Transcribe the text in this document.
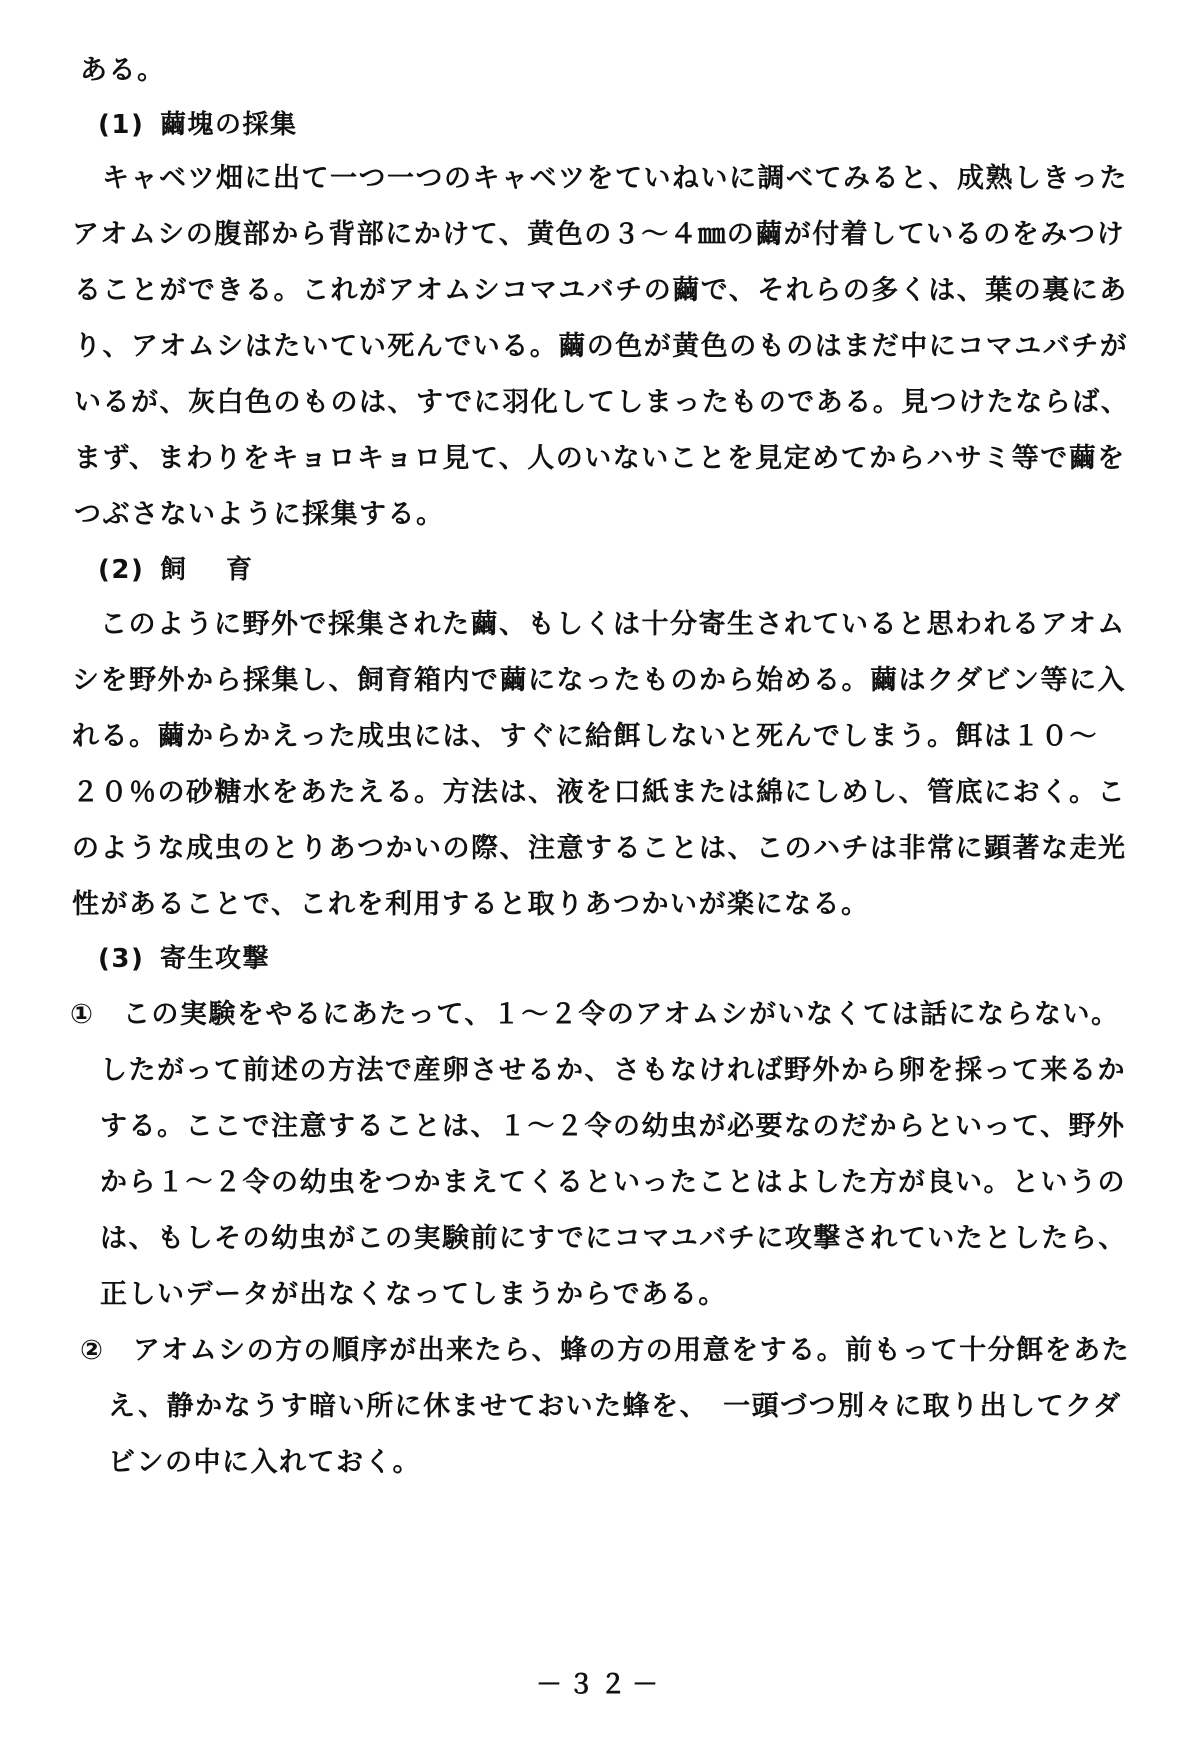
ある。
(1) 繭塊の採集
キャベツ畑に出て一つ一つのキャベツをていねいに調べてみると、成熟しきった
アオムシの腹部から背部にかけて、黄色の３～４㎜の繭が付着しているのをみつけ
ることができる。これがアオムシコマユバチの繭で、それらの多くは、葉の裏にあ
り、アオムシはたいてい死んでいる。繭の色が黄色のものはまだ中にコマユバチが
いるが、灰白色のものは、すでに羽化してしまったものである。見つけたならば、
まず、まわりをキョロキョロ見て、人のいないことを見定めてからハサミ等で繭を
つぶさないように採集する。
(2) 飼育
このように野外で採集された繭、もしくは十分寄生されていると思われるアオム
シを野外から採集し、飼育箱内で繭になったものから始める。繭はクダビン等に入
れる。繭からかえった成虫には、すぐに給餌しないと死んでしまう。餌は１０～
２０％の砂糖水をあたえる。方法は、液を口紙または綿にしめし、管底におく。こ
のような成虫のとりあつかいの際、注意することは、このハチは非常に顕著な走光
性があることで、これを利用すると取りあつかいが楽になる。
(3) 寄生攻撃
①　この実験をやるにあたって、１～２令のアオムシがいなくては話にならない。
したがって前述の方法で産卵させるか、さもなければ野外から卵を採って来るか
する。ここで注意することは、１～２令の幼虫が必要なのだからといって、野外
から１～２令の幼虫をつかまえてくるといったことはよした方が良い。というの
は、もしその幼虫がこの実験前にすでにコマユバチに攻撃されていたとしたら、
正しいデータが出なくなってしまうからである。
②　アオムシの方の順序が出来たら、蜂の方の用意をする。前もって十分餌をあた
え、静かなうす暗い所に休ませておいた蜂を、　一頭づつ別々に取り出してクダ
ビンの中に入れておく。
－３２－
